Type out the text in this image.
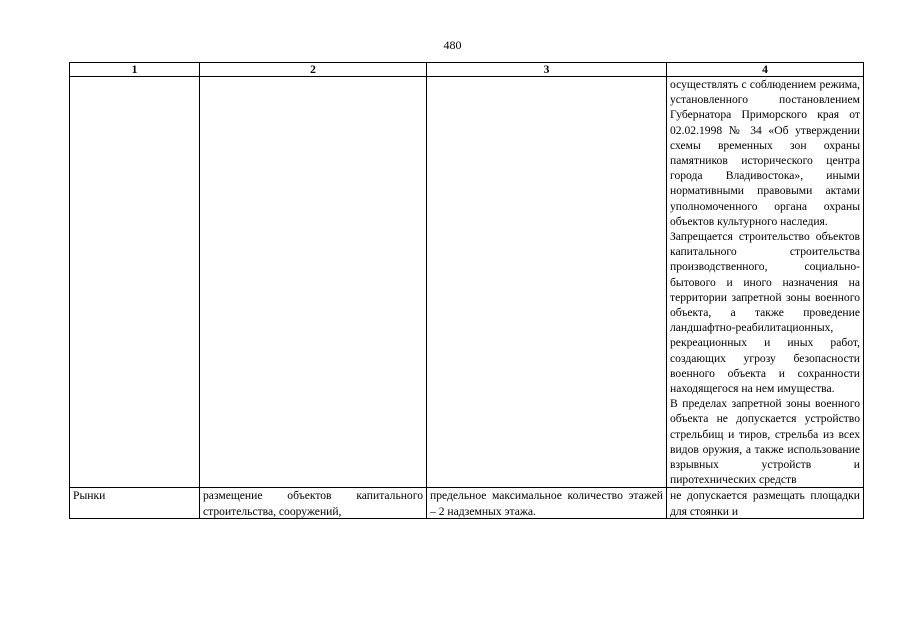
480
1	2	3	4

			осуществлять с соблюдением режима, установленного постановлением Губернатора Приморского края от 02.02.1998 № 34 «Об утверждении схемы временных зон охраны памятников исторического центра города Владивостока», иными нормативными правовыми актами уполномоченного органа охраны объектов культурного наследия.
Запрещается строительство объектов капитального строительства производственного, социально-бытового и иного назначения на территории запретной зоны военного объекта, а также проведение ландшафтно-реабилитационных, рекреационных и иных работ, создающих угрозу безопасности военного объекта и сохранности находящегося на нем имущества.
В пределах запретной зоны военного объекта не допускается устройство стрельбищ и тиров, стрельба из всех видов оружия, а также использование взрывных устройств и пиротехнических средств

Рынки	размещение объектов капитального строительства, сооружений,	предельное максимальное количество этажей – 2 надземных этажа.	не допускается размещать площадки для стоянки и
